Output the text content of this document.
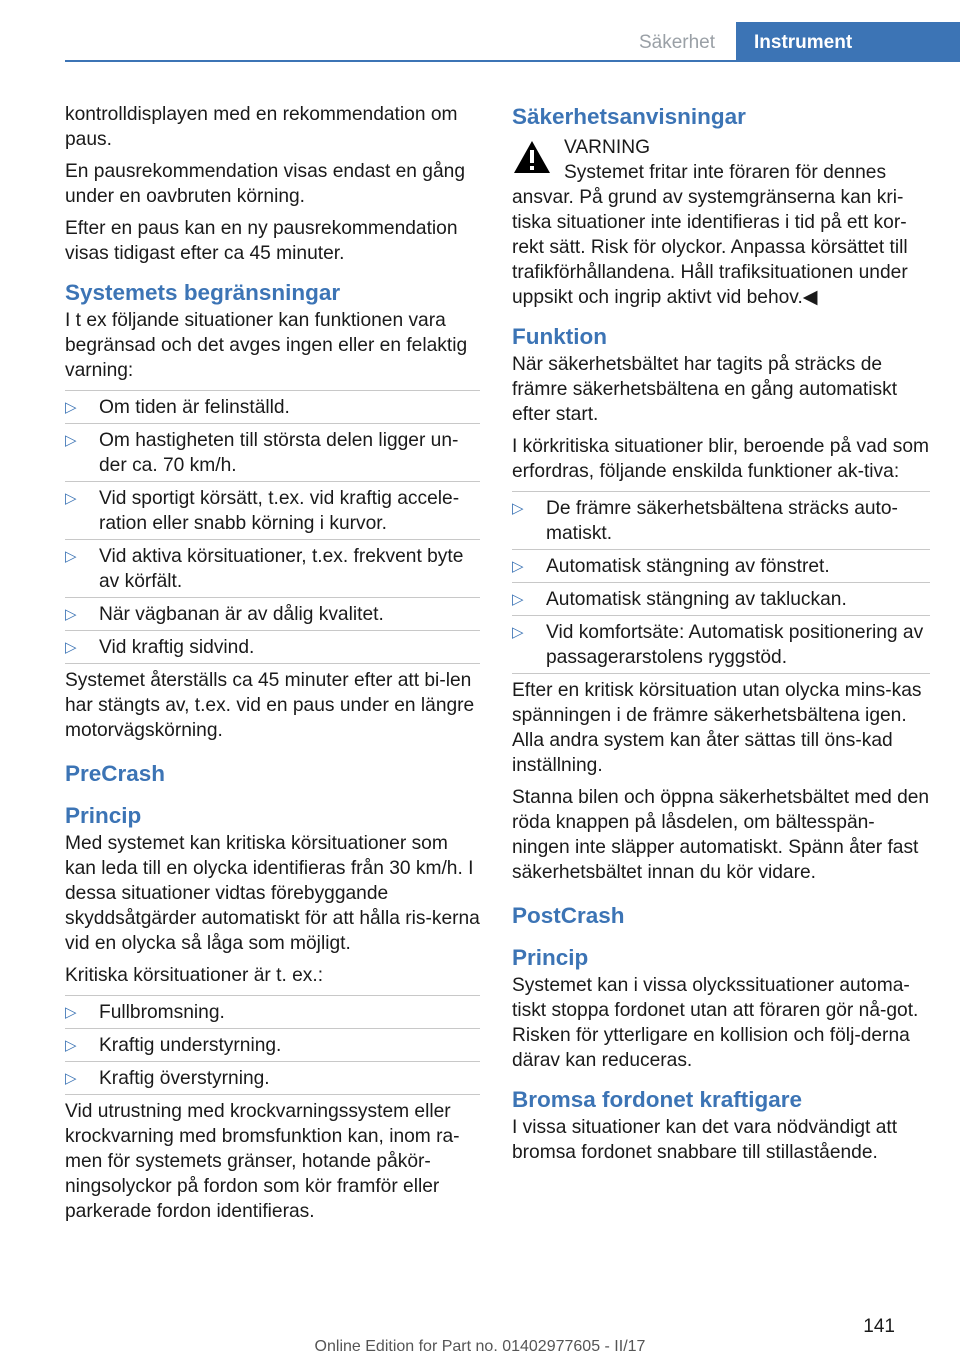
Säkerhet	Instrument

kontrolldisplayen med en rekommendation om paus.

En pausrekommendation visas endast en gång under en oavbruten körning.

Efter en paus kan en ny pausrekommendation visas tidigast efter ca 45 minuter.

Systemets begränsningar

I t ex följande situationer kan funktionen vara begränsad och det avges ingen eller en felaktig varning:

▷ Om tiden är felinställd.
▷ Om hastigheten till största delen ligger un-der ca. 70 km/h.
▷ Vid sportigt körsätt, t.ex. vid kraftig accele-ration eller snabb körning i kurvor.
▷ Vid aktiva körsituationer, t.ex. frekvent byte av körfält.
▷ När vägbanan är av dålig kvalitet.
▷ Vid kraftig sidvind.

Systemet återställs ca 45 minuter efter att bi-len har stängts av, t.ex. vid en paus under en längre motorvägskörning.

PreCrash
Princip

Med systemet kan kritiska körsituationer som kan leda till en olycka identifieras från 30 km/h. I dessa situationer vidtas förebyggande skyddsåtgärder automatiskt för att hålla ris-kerna vid en olycka så låga som möjligt.

Kritiska körsituationer är t. ex.:

▷ Fullbromsning.
▷ Kraftig understyrning.
▷ Kraftig överstyrning.

Vid utrustning med krockvarningssystem eller krockvarning med bromsfunktion kan, inom ra-men för systemets gränser, hotande påkör-ningsolyckor på fordon som kör framför eller parkerade fordon identifieras.

Säkerhetsanvisningar
VARNING

Systemet fritar inte föraren för dennes ansvar. På grund av systemgränserna kan kri-tiska situationer inte identifieras i tid på ett kor-rekt sätt. Risk för olyckor. Anpassa körsättet till trafikförhållandena. Håll trafiksituationen under uppsikt och ingrip aktivt vid behov.◀

Funktion

När säkerhetsbältet har tagits på sträcks de främre säkerhetsbältena en gång automatiskt efter start.

I körkritiska situationer blir, beroende på vad som erfordras, följande enskilda funktioner ak-tiva:

▷ De främre säkerhetsbältena sträcks auto-matiskt.
▷ Automatisk stängning av fönstret.
▷ Automatisk stängning av takluckan.
▷ Vid komfortsäte: Automatisk positionering av passagerarstolens ryggstöd.

Efter en kritisk körsituation utan olycka mins-kas spänningen i de främre säkerhetsbältena igen. Alla andra system kan åter sättas till öns-kad inställning.

Stanna bilen och öppna säkerhetsbältet med den röda knappen på låsdelen, om bältesspän-ningen inte släpper automatiskt. Spänn åter fast säkerhetsbältet innan du kör vidare.

PostCrash
Princip

Systemet kan i vissa olyckssituationer automa-tiskt stoppa fordonet utan att föraren gör nå-got. Risken för ytterligare en kollision och följ-derna därav kan reduceras.

Bromsa fordonet kraftigare

I vissa situationer kan det vara nödvändigt att bromsa fordonet snabbare till stillastående.

141
Online Edition for Part no. 01402977605 - II/17
